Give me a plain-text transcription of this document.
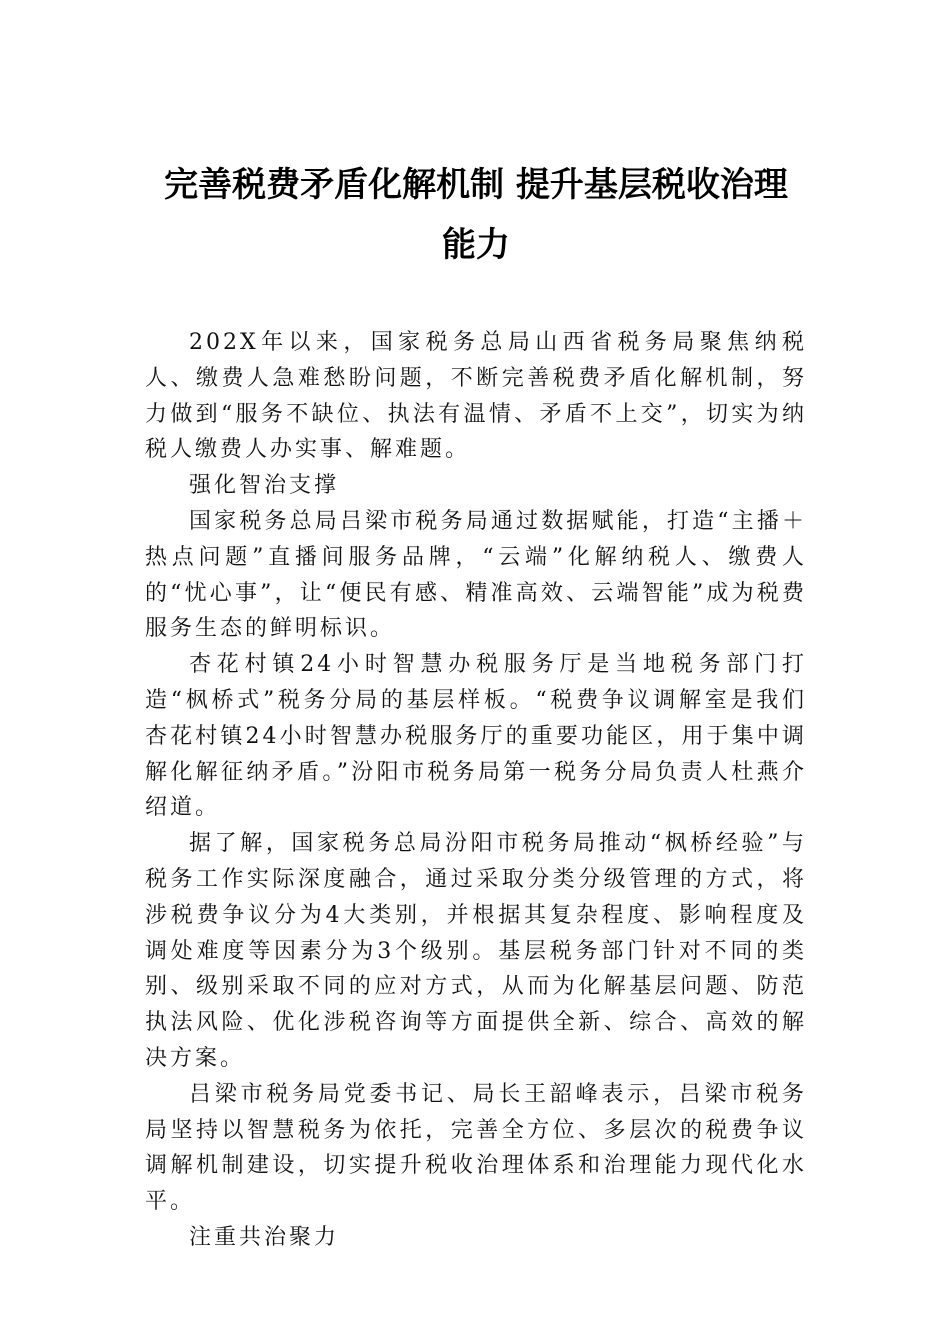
完善税费矛盾化解机制 提升基层税收治理
能力

202X年以来，国家税务总局山西省税务局聚焦纳税人、缴费人急难愁盼问题，不断完善税费矛盾化解机制，努力做到“服务不缺位、执法有温情、矛盾不上交”，切实为纳税人缴费人办实事、解难题。

强化智治支撑

国家税务总局吕梁市税务局通过数据赋能，打造“主播＋热点问题”直播间服务品牌，“云端”化解纳税人、缴费人的“忧心事”，让“便民有感、精准高效、云端智能”成为税费服务生态的鲜明标识。

杏花村镇24小时智慧办税服务厅是当地税务部门打造“枫桥式”税务分局的基层样板。“税费争议调解室是我们杏花村镇24小时智慧办税服务厅的重要功能区，用于集中调解化解征纳矛盾。”汾阳市税务局第一税务分局负责人杜燕介绍道。

据了解，国家税务总局汾阳市税务局推动“枫桥经验”与税务工作实际深度融合，通过采取分类分级管理的方式，将涉税费争议分为4大类别，并根据其复杂程度、影响程度及调处难度等因素分为3个级别。基层税务部门针对不同的类别、级别采取不同的应对方式，从而为化解基层问题、防范执法风险、优化涉税咨询等方面提供全新、综合、高效的解决方案。

吕梁市税务局党委书记、局长王韶峰表示，吕梁市税务局坚持以智慧税务为依托，完善全方位、多层次的税费争议调解机制建设，切实提升税收治理体系和治理能力现代化水平。

注重共治聚力
